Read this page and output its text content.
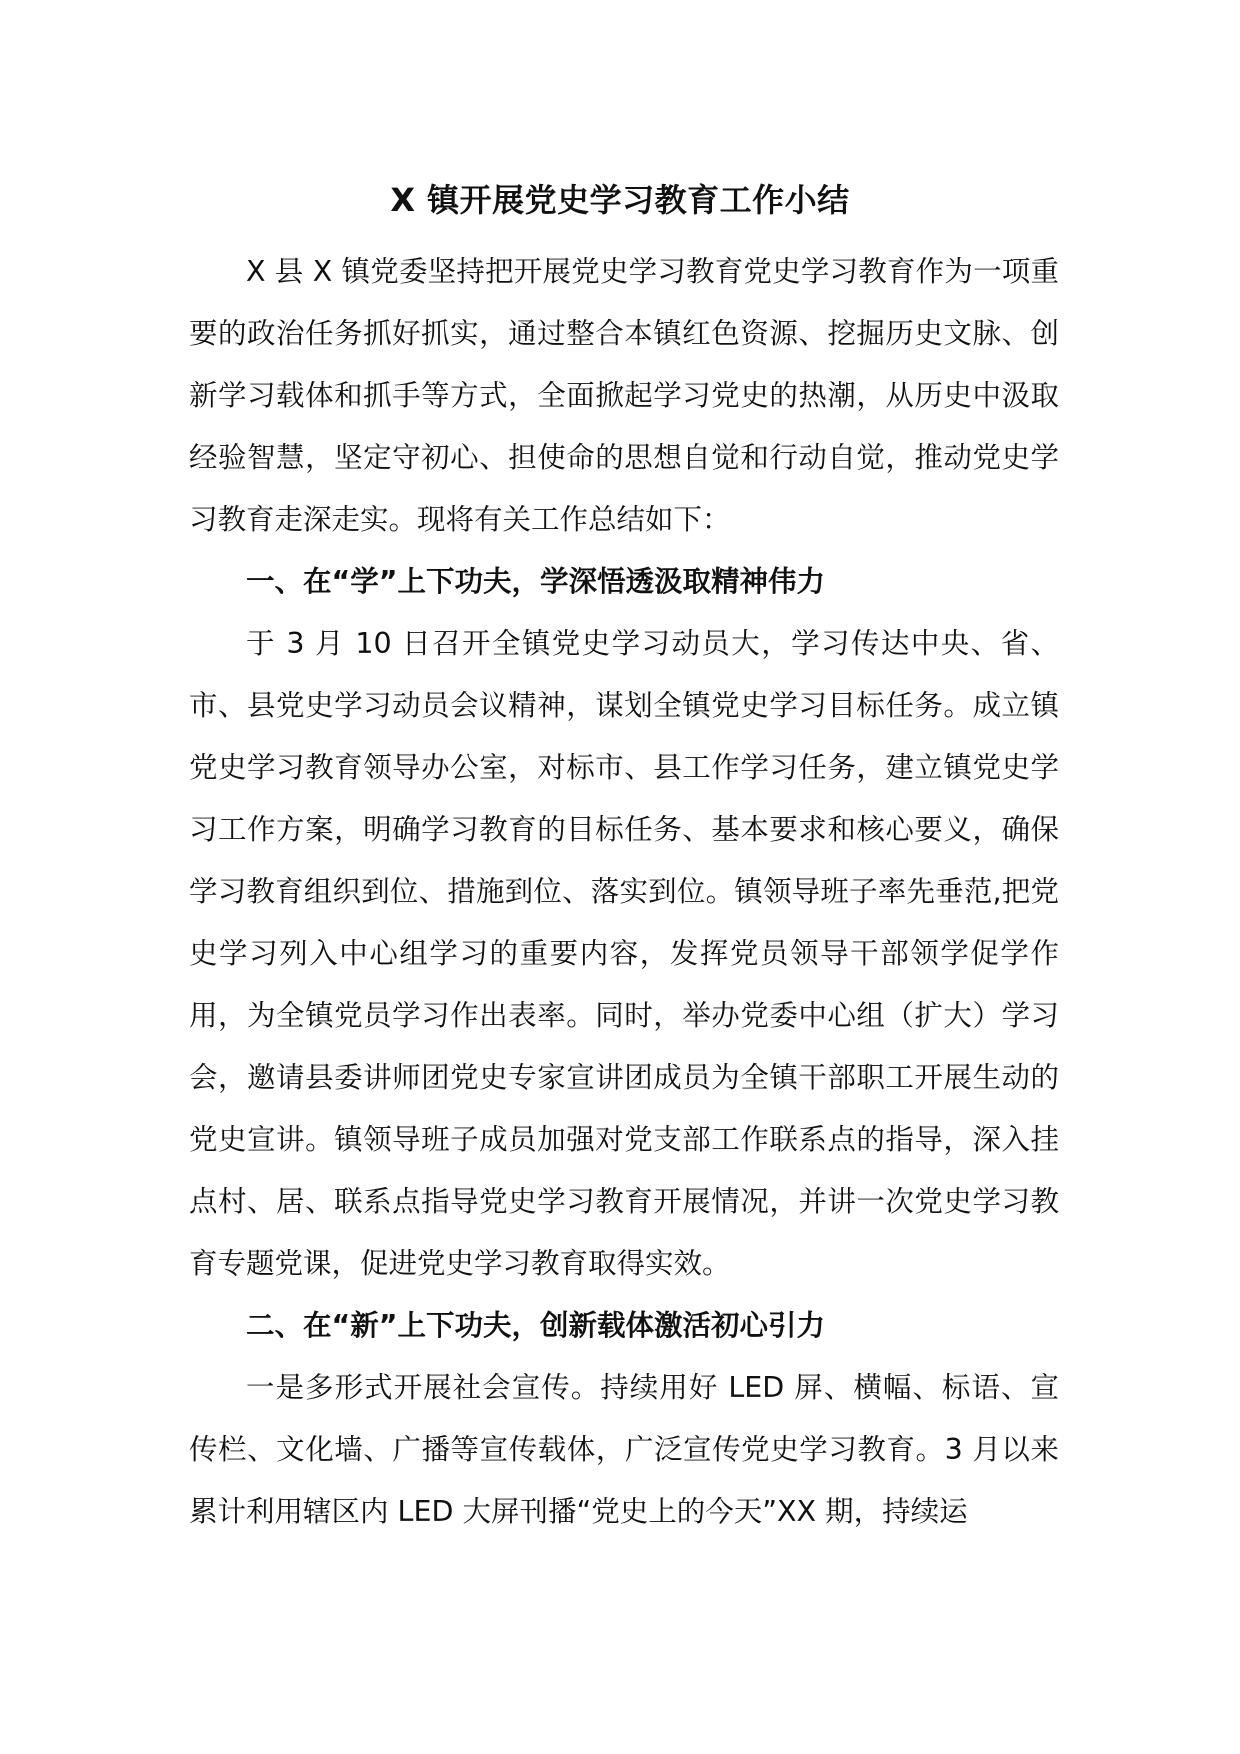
X 镇开展党史学习教育工作小结

X 县 X 镇党委坚持把开展党史学习教育党史学习教育作为一项重要的政治任务抓好抓实，通过整合本镇红色资源、挖掘历史文脉、创新学习载体和抓手等方式，全面掀起学习党史的热潮，从历史中汲取经验智慧，坚定守初心、担使命的思想自觉和行动自觉，推动党史学习教育走深走实。现将有关工作总结如下：

一、在“学”上下功夫，学深悟透汲取精神伟力

于 3 月 10 日召开全镇党史学习动员大，学习传达中央、省、市、县党史学习动员会议精神，谋划全镇党史学习目标任务。成立镇党史学习教育领导办公室，对标市、县工作学习任务，建立镇党史学习工作方案，明确学习教育的目标任务、基本要求和核心要义，确保学习教育组织到位、措施到位、落实到位。镇领导班子率先垂范,把党史学习列入中心组学习的重要内容，发挥党员领导干部领学促学作用，为全镇党员学习作出表率。同时，举办党委中心组（扩大）学习会，邀请县委讲师团党史专家宣讲团成员为全镇干部职工开展生动的党史宣讲。镇领导班子成员加强对党支部工作联系点的指导，深入挂点村、居、联系点指导党史学习教育开展情况，并讲一次党史学习教育专题党课，促进党史学习教育取得实效。

二、在“新”上下功夫，创新载体激活初心引力

一是多形式开展社会宣传。持续用好 LED 屏、横幅、标语、宣传栏、文化墙、广播等宣传载体，广泛宣传党史学习教育。3 月以来累计利用辖区内 LED 大屏刊播“党史上的今天”XX 期，持续运
